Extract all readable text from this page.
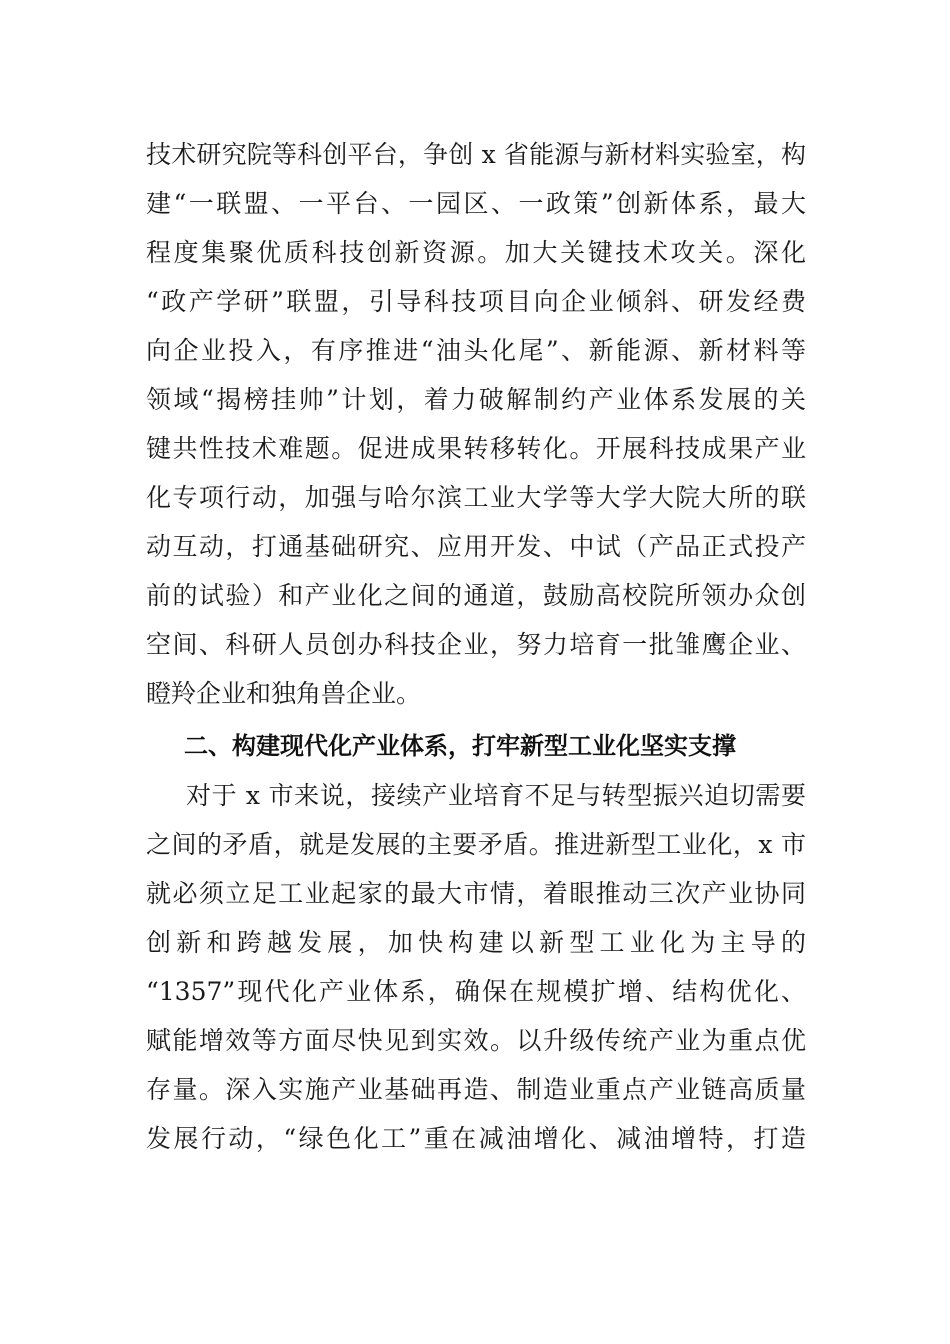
技术研究院等科创平台，争创 x 省能源与新材料实验室，构
建“一联盟、一平台、一园区、一政策”创新体系，最大
程度集聚优质科技创新资源。加大关键技术攻关。深化
“政产学研”联盟，引导科技项目向企业倾斜、研发经费
向企业投入，有序推进“油头化尾”、新能源、新材料等
领域“揭榜挂帅”计划，着力破解制约产业体系发展的关
键共性技术难题。促进成果转移转化。开展科技成果产业
化专项行动，加强与哈尔滨工业大学等大学大院大所的联
动互动，打通基础研究、应用开发、中试（产品正式投产
前的试验）和产业化之间的通道，鼓励高校院所领办众创
空间、科研人员创办科技企业，努力培育一批雏鹰企业、
瞪羚企业和独角兽企业。
二、构建现代化产业体系，打牢新型工业化坚实支撑
对于 x 市来说，接续产业培育不足与转型振兴迫切需要
之间的矛盾，就是发展的主要矛盾。推进新型工业化，x 市
就必须立足工业起家的最大市情，着眼推动三次产业协同
创新和跨越发展，加快构建以新型工业化为主导的
“1357”现代化产业体系，确保在规模扩增、结构优化、
赋能增效等方面尽快见到实效。以升级传统产业为重点优
存量。深入实施产业基础再造、制造业重点产业链高质量
发展行动，“绿色化工”重在减油增化、减油增特，打造
